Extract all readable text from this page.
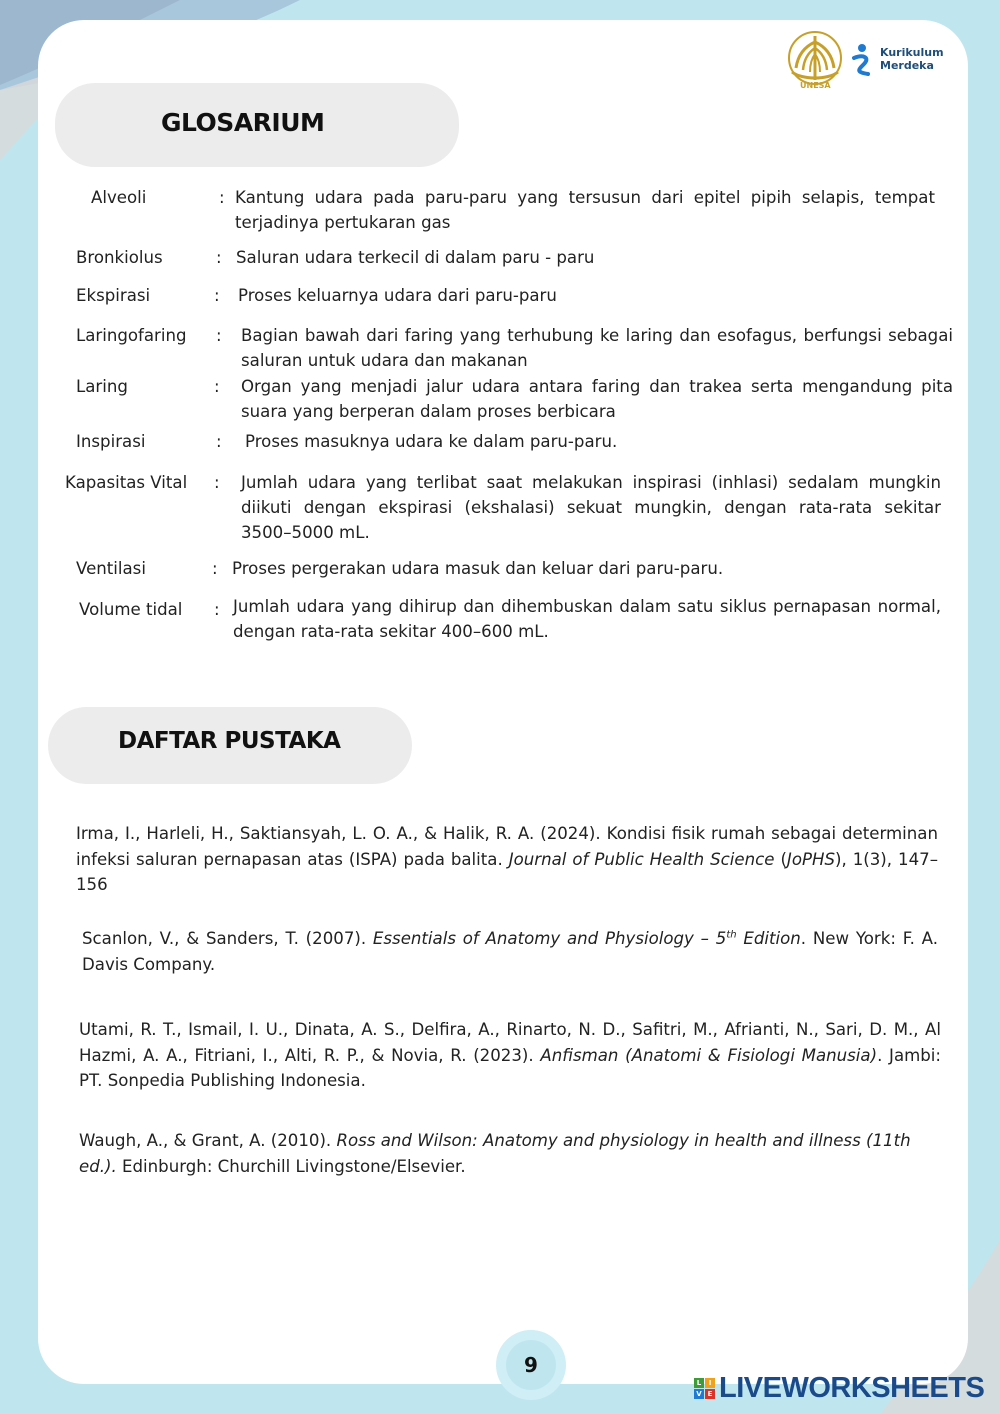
UNESA
Kurikulum
Merdeka
GLOSARIUM
Alveoli	: Kantung udara pada paru-paru yang tersusun dari epitel pipih selapis, tempat terjadinya pertukaran gas
Bronkiolus	: Saluran udara terkecil di dalam paru - paru
Ekspirasi	: Proses keluarnya udara dari paru-paru
Laringofaring : Bagian bawah dari faring yang terhubung ke laring dan esofagus, berfungsi sebagai saluran untuk udara dan makanan
Laring	: Organ yang menjadi jalur udara antara faring dan trakea serta mengandung pita suara yang berperan dalam proses berbicara
Inspirasi	: Proses masuknya udara ke dalam paru-paru.
Kapasitas Vital : Jumlah udara yang terlibat saat melakukan inspirasi (inhlasi) sedalam mungkin diikuti dengan ekspirasi (ekshalasi) sekuat mungkin, dengan rata-rata sekitar 3500–5000 mL.
Ventilasi	: Proses pergerakan udara masuk dan keluar dari paru-paru.
Volume tidal : Jumlah udara yang dihirup dan dihembuskan dalam satu siklus pernapasan normal, dengan rata-rata sekitar 400–600 mL.
DAFTAR PUSTAKA
Irma, I., Harleli, H., Saktiansyah, L. O. A., & Halik, R. A. (2024). Kondisi fisik rumah sebagai determinan infeksi saluran pernapasan atas (ISPA) pada balita. Journal of Public Health Science (JoPHS), 1(3), 147–156
Scanlon, V., & Sanders, T. (2007). Essentials of Anatomy and Physiology – 5th Edition. New York: F. A. Davis Company.
Utami, R. T., Ismail, I. U., Dinata, A. S., Delfira, A., Rinarto, N. D., Safitri, M., Afrianti, N., Sari, D. M., Al Hazmi, A. A., Fitriani, I., Alti, R. P., & Novia, R. (2023). Anfisman (Anatomi & Fisiologi Manusia). Jambi: PT. Sonpedia Publishing Indonesia.
Waugh, A., & Grant, A. (2010). Ross and Wilson: Anatomy and physiology in health and illness (11th ed.). Edinburgh: Churchill Livingstone/Elsevier.
9
L	I
V E LIVEWORKSHEETS
